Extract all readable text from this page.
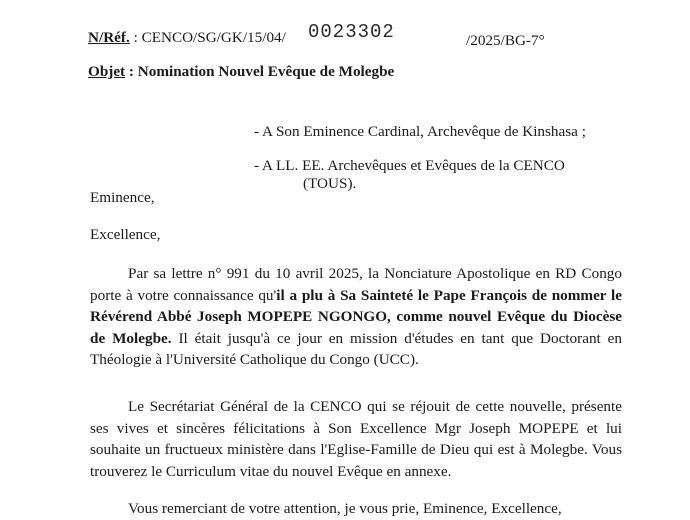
N/Réf. : CENCO/SG/GK/15/04/ 0023302	/2025/BG-7°
Objet : Nomination Nouvel Evêque de Molegbe
- A Son Eminence Cardinal, Archevêque de Kinshasa ;
- A LL. EE. Archevêques et Evêques de la CENCO
(TOUS).
Eminence,
Excellence,
Par sa lettre n° 991 du 10 avril 2025, la Nonciature Apostolique en RD Congo
porte à votre connaissance qu'il a plu à Sa Sainteté le Pape François de nommer le
Révérend Abbé Joseph MOPEPE NGONGO, comme nouvel Evêque du Diocèse
de Molegbe. Il était jusqu'à ce jour en mission d'études en tant que Doctorant en
Théologie à l'Université Catholique du Congo (UCC).
Le Secrétariat Général de la CENCO qui se réjouit de cette nouvelle, présente
ses vives et sincères félicitations à Son Excellence Mgr Joseph MOPEPE et lui
souhaite un fructueux ministère dans l'Eglise-Famille de Dieu qui est à Molegbe. Vous
trouverez le Curriculum vitae du nouvel Evêque en annexe.
Vous remerciant de votre attention, je vous prie, Eminence, Excellence,
